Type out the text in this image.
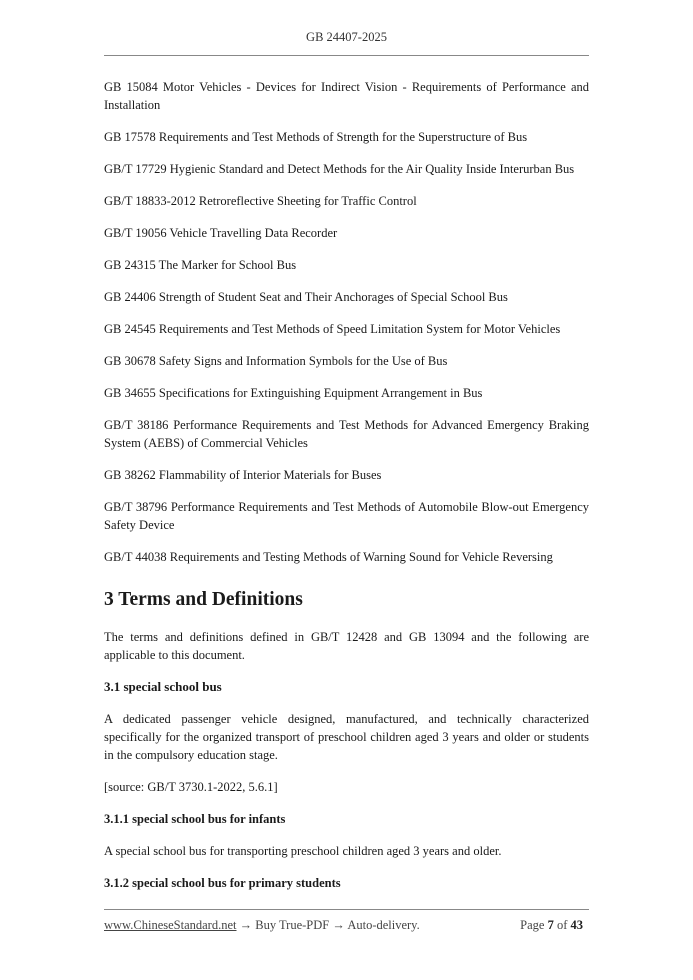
GB 24407-2025

GB 15084 Motor Vehicles - Devices for Indirect Vision - Requirements of Performance and Installation

GB 17578 Requirements and Test Methods of Strength for the Superstructure of Bus

GB/T 17729 Hygienic Standard and Detect Methods for the Air Quality Inside Interurban Bus

GB/T 18833-2012 Retroreflective Sheeting for Traffic Control

GB/T 19056 Vehicle Travelling Data Recorder

GB 24315 The Marker for School Bus

GB 24406 Strength of Student Seat and Their Anchorages of Special School Bus

GB 24545 Requirements and Test Methods of Speed Limitation System for Motor Vehicles

GB 30678 Safety Signs and Information Symbols for the Use of Bus

GB 34655 Specifications for Extinguishing Equipment Arrangement in Bus

GB/T 38186 Performance Requirements and Test Methods for Advanced Emergency Braking System (AEBS) of Commercial Vehicles

GB 38262 Flammability of Interior Materials for Buses

GB/T 38796 Performance Requirements and Test Methods of Automobile Blow-out Emergency Safety Device

GB/T 44038 Requirements and Testing Methods of Warning Sound for Vehicle Reversing

3 Terms and Definitions

The terms and definitions defined in GB/T 12428 and GB 13094 and the following are applicable to this document.

3.1 special school bus

A dedicated passenger vehicle designed, manufactured, and technically characterized specifically for the organized transport of preschool children aged 3 years and older or students in the compulsory education stage.

[source: GB/T 3730.1-2022, 5.6.1]

3.1.1 special school bus for infants

A special school bus for transporting preschool children aged 3 years and older.

3.1.2 special school bus for primary students
www.ChineseStandard.net → Buy True-PDF → Auto-delivery.	Page 7 of 43
